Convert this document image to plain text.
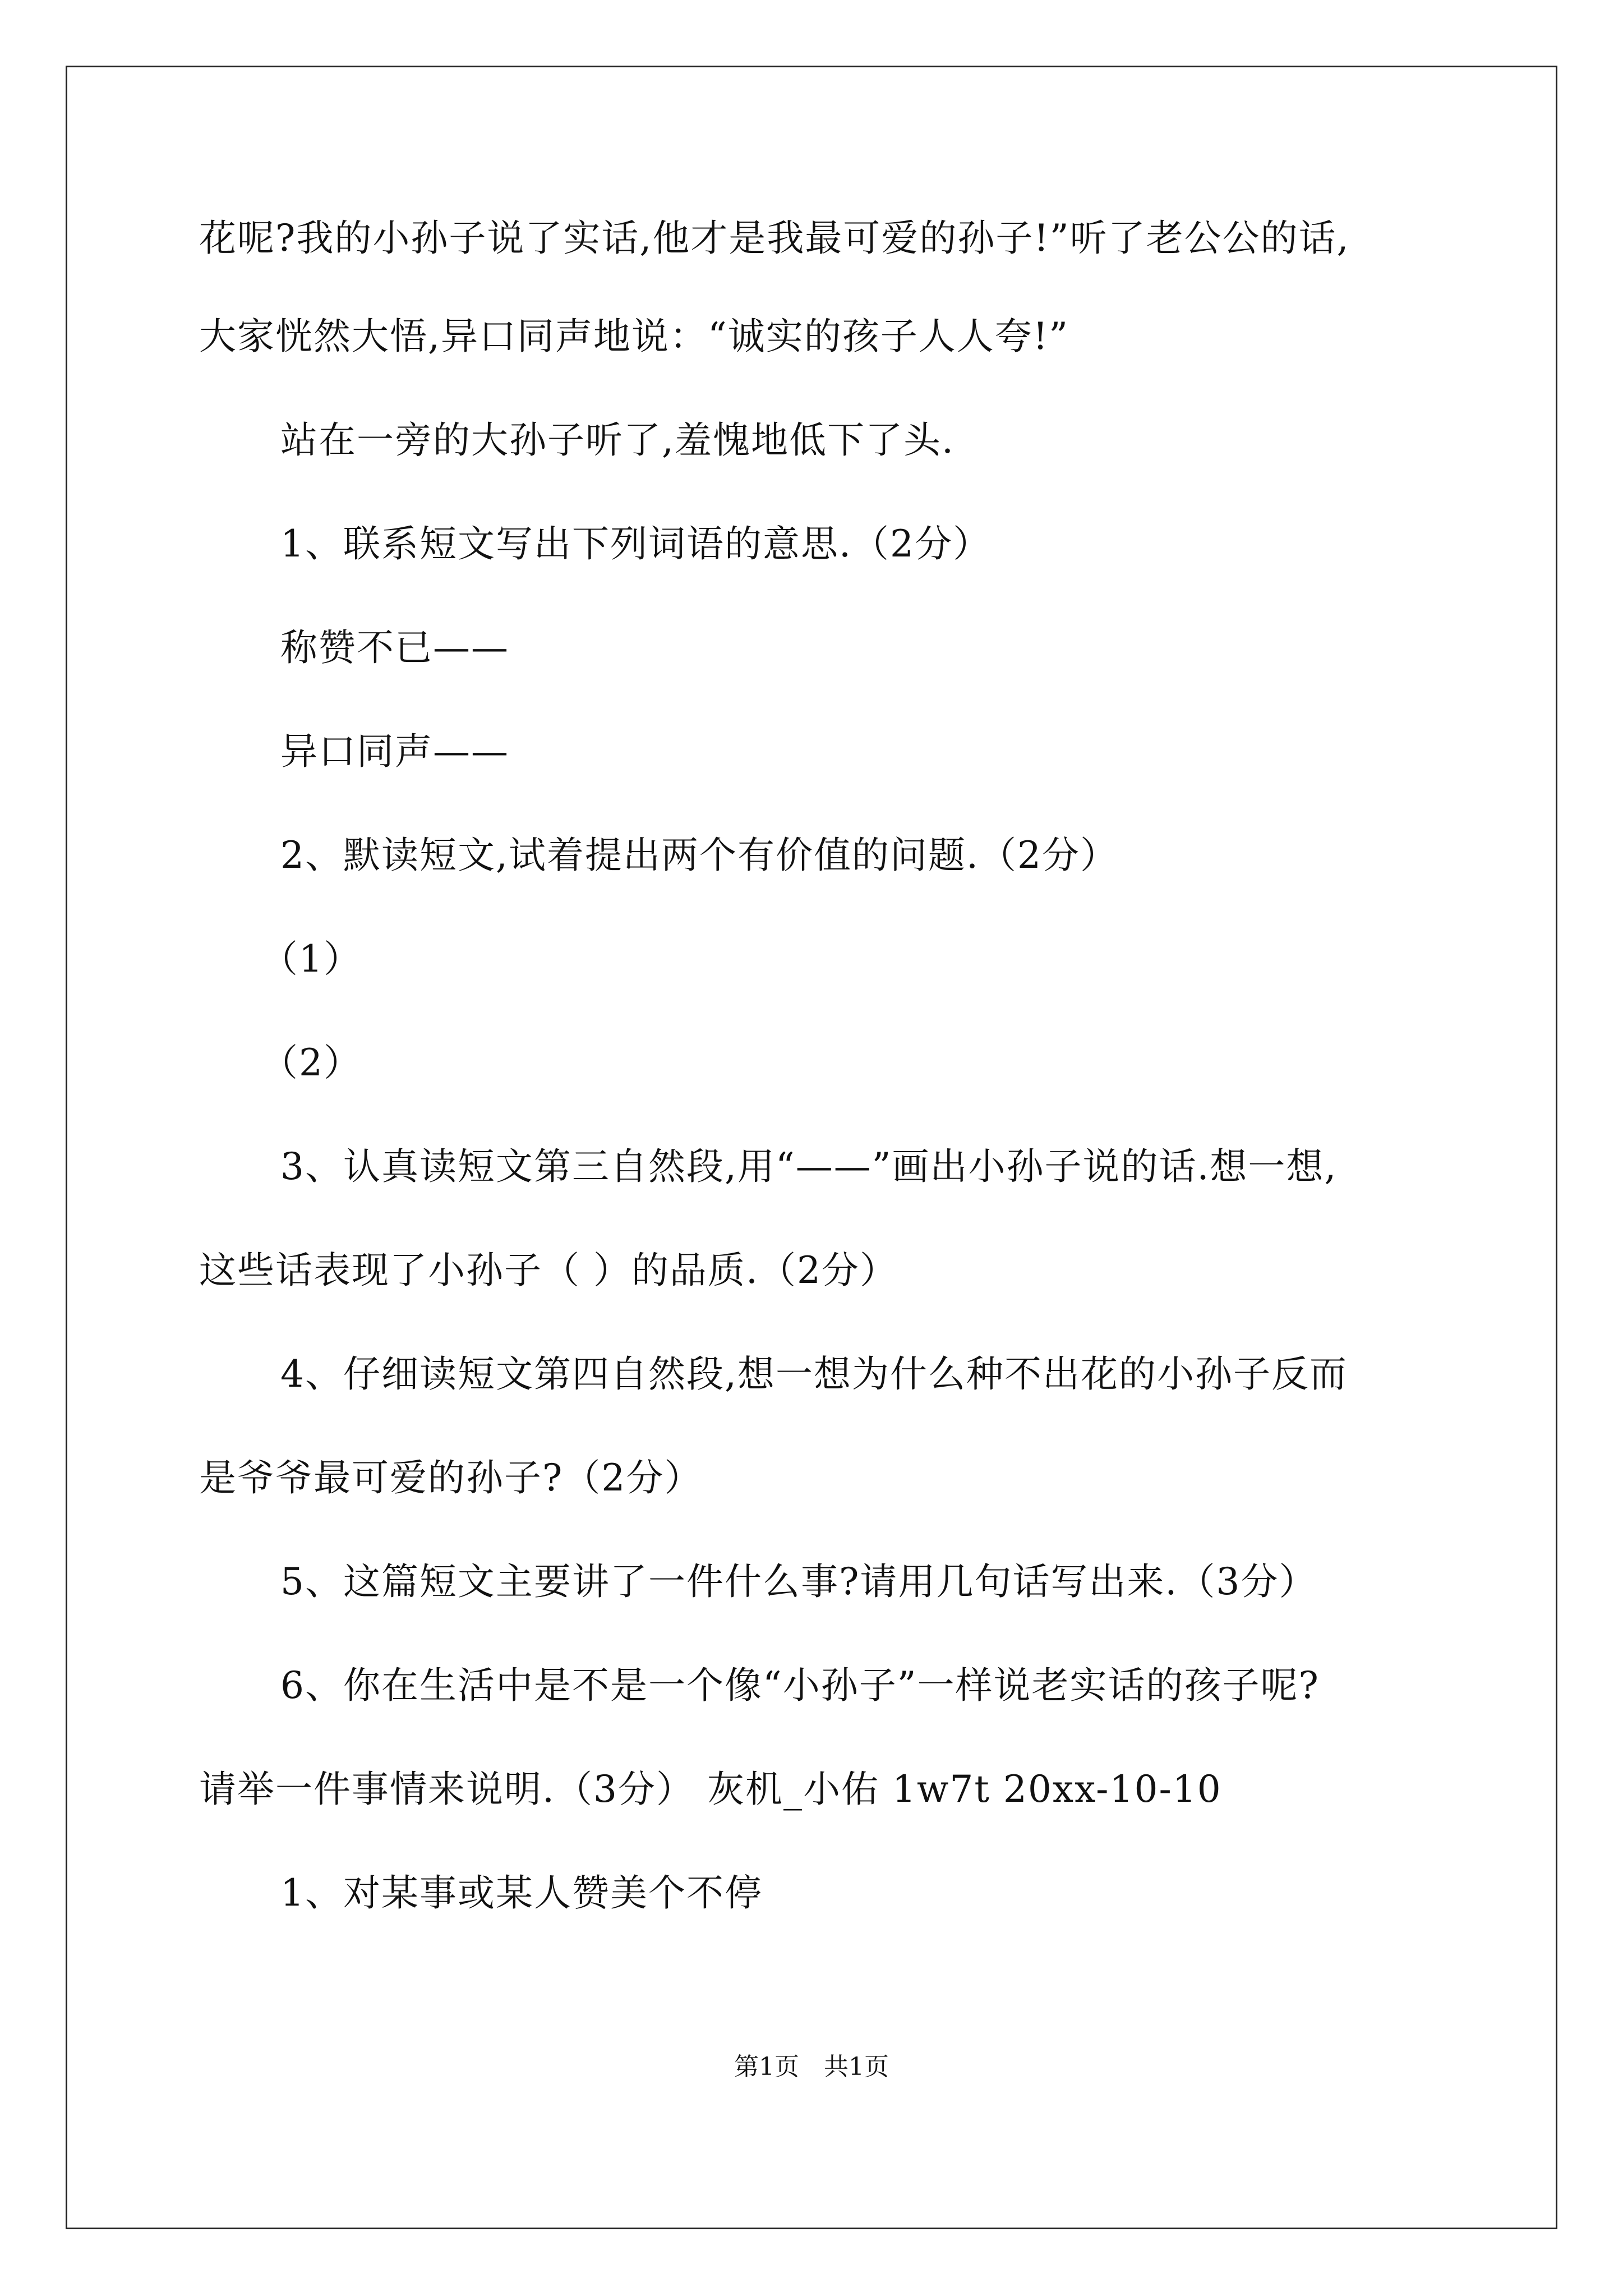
花呢?我的小孙子说了实话,他才是我最可爱的孙子!”听了老公公的话,
大家恍然大悟,异口同声地说：“诚实的孩子人人夸!”
站在一旁的大孙子听了,羞愧地低下了头.
1、联系短文写出下列词语的意思.（2分）
称赞不已——
异口同声——
2、默读短文,试着提出两个有价值的问题.（2分）
（1）
（2）
3、认真读短文第三自然段,用“——”画出小孙子说的话.想一想,
这些话表现了小孙子（ ）的品质.（2分）
4、仔细读短文第四自然段,想一想为什么种不出花的小孙子反而
是爷爷最可爱的孙子?（2分）
5、这篇短文主要讲了一件什么事?请用几句话写出来.（3分）
6、你在生活中是不是一个像“小孙子”一样说老实话的孩子呢?
请举一件事情来说明.（3分） 灰机_小佑 1w7t 20xx-10-10
1、对某事或某人赞美个不停
第1页　共1页
